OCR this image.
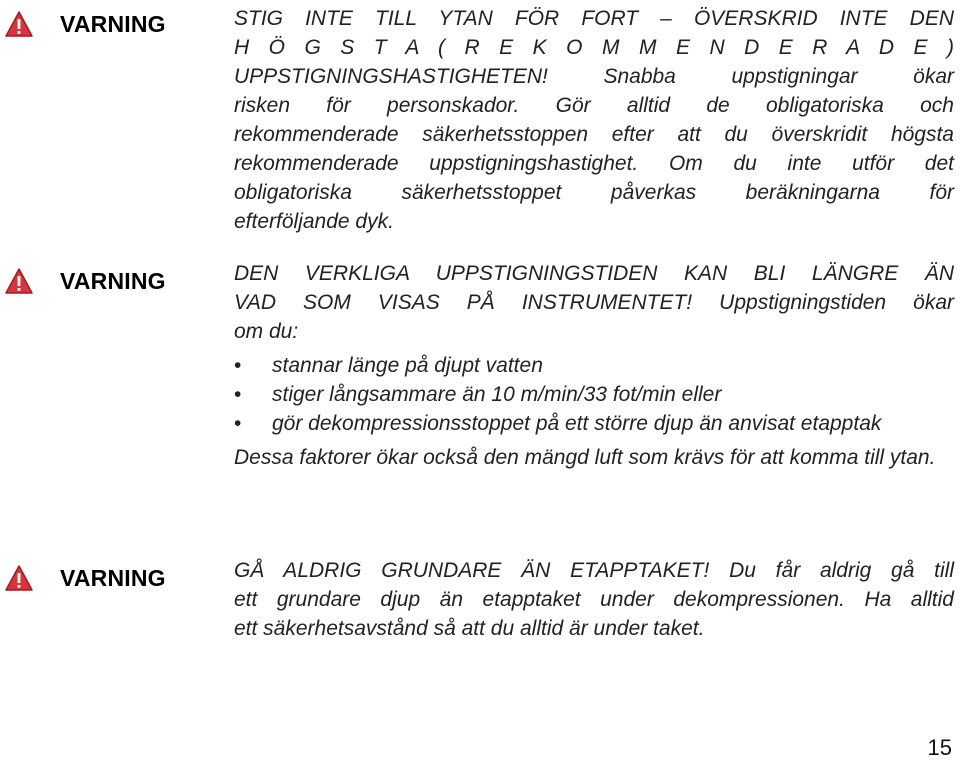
VARNING	STIG INTE TILL YTAN FÖR FORT – ÖVERSKRID INTE DEN
H Ö G S T A ( R E K O M M E N D E R A D E )
UPPSTIGNINGSHASTIGHETEN! Snabba uppstigningar ökar
risken för personskador. Gör alltid de obligatoriska och
rekommenderade säkerhetsstoppen efter att du överskridit högsta
rekommenderade uppstigningshastighet. Om du inte utför det
obligatoriska säkerhetsstoppet påverkas beräkningarna för
efterföljande dyk.
VARNING	DEN VERKLIGA UPPSTIGNINGSTIDEN KAN BLI LÄNGRE ÄN
VAD SOM VISAS PÅ INSTRUMENTET! Uppstigningstiden ökar
om du:
• stannar länge på djupt vatten
• stiger långsammare än 10 m/min/33 fot/min eller
• gör dekompressionsstoppet på ett större djup än anvisat etapptak
Dessa faktorer ökar också den mängd luft som krävs för att komma till ytan.
VARNING	GÅ ALDRIG GRUNDARE ÄN ETAPPTAKET! Du får aldrig gå till
ett grundare djup än etapptaket under dekompressionen. Ha alltid
ett säkerhetsavstånd så att du alltid är under taket.
15
